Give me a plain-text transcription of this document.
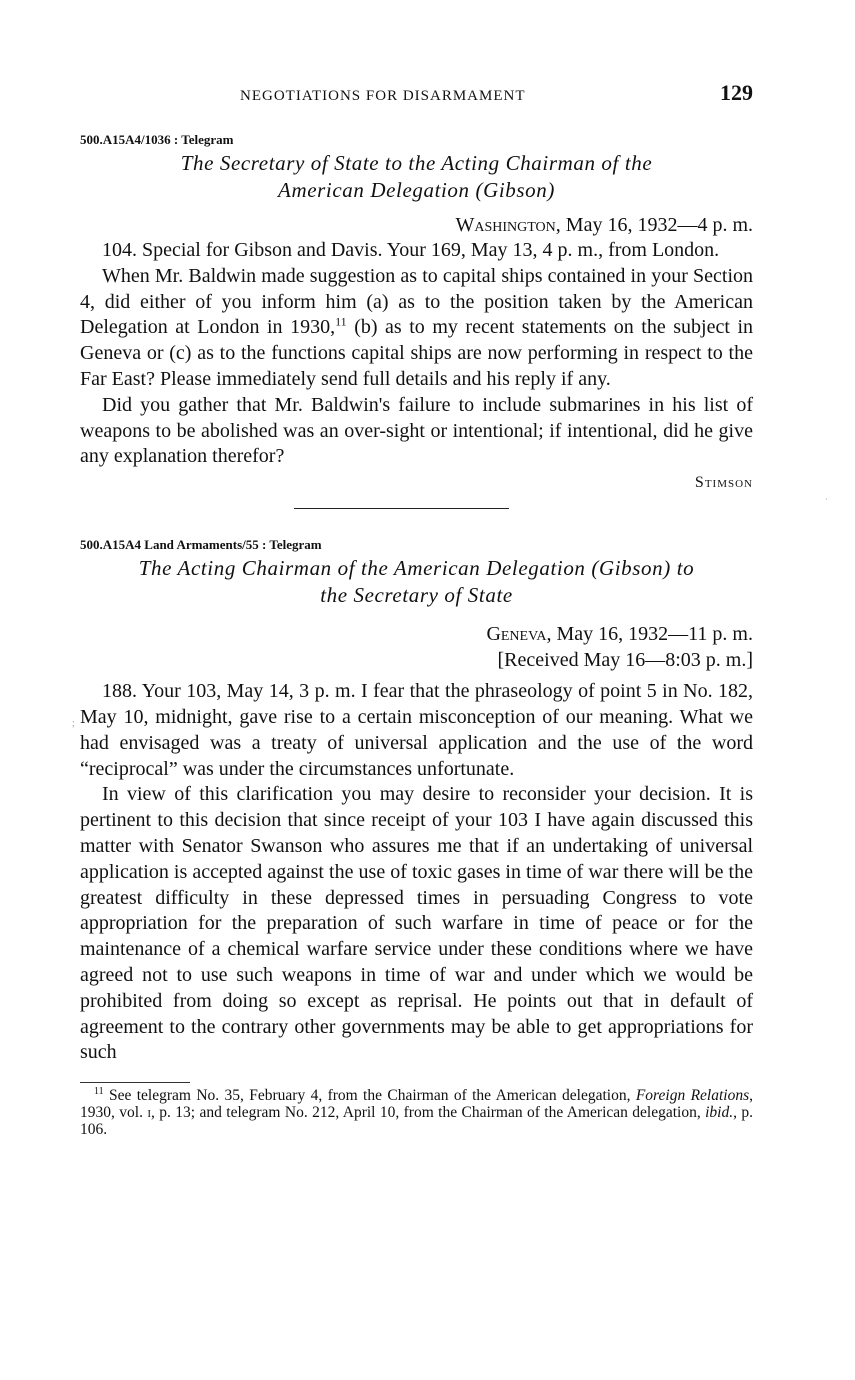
;
·
NEGOTIATIONS FOR DISARMAMENT	129
500.A15A4/1036 : Telegram
The Secretary of State to the Acting Chairman of the
American Delegation (Gibson)
Washington, May 16, 1932—4 p. m.

104. Special for Gibson and Davis. Your 169, May 13, 4 p. m., from London.

When Mr. Baldwin made suggestion as to capital ships contained in your Section 4, did either of you inform him (a) as to the position taken by the American Delegation at London in 1930,11 (b) as to my recent statements on the subject in Geneva or (c) as to the functions capital ships are now performing in respect to the Far East? Please immediately send full details and his reply if any.

Did you gather that Mr. Baldwin's failure to include submarines in his list of weapons to be abolished was an over-sight or intentional; if intentional, did he give any explanation therefor?

Stimson
500.A15A4 Land Armaments/55 : Telegram
The Acting Chairman of the American Delegation (Gibson) to
the Secretary of State
Geneva, May 16, 1932—11 p. m.
[Received May 16—8:03 p. m.]

188. Your 103, May 14, 3 p. m. I fear that the phraseology of point 5 in No. 182, May 10, midnight, gave rise to a certain misconception of our meaning. What we had envisaged was a treaty of universal application and the use of the word “reciprocal” was under the circumstances unfortunate.

In view of this clarification you may desire to reconsider your decision. It is pertinent to this decision that since receipt of your 103 I have again discussed this matter with Senator Swanson who assures me that if an undertaking of universal application is accepted against the use of toxic gases in time of war there will be the greatest difficulty in these depressed times in persuading Congress to vote appropriation for the preparation of such warfare in time of peace or for the maintenance of a chemical warfare service under these conditions where we have agreed not to use such weapons in time of war and under which we would be prohibited from doing so except as reprisal. He points out that in default of agreement to the contrary other governments may be able to get appropriations for such

$^{11}$ See telegram No. 35, February 4, from the Chairman of the American delegation, Foreign Relations, 1930, vol. i, p. 13; and telegram No. 212, April 10, from the Chairman of the American delegation, ibid., p. 106.
